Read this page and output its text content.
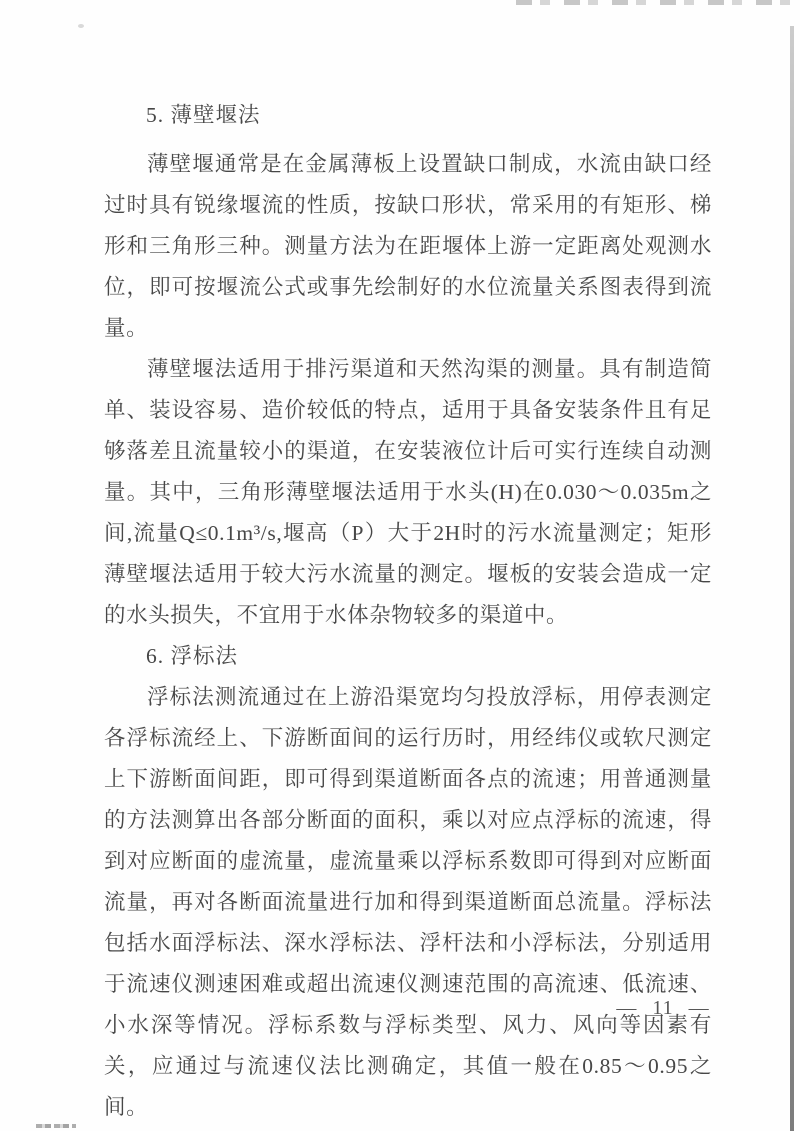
5. 薄壁堰法

薄壁堰通常是在金属薄板上设置缺口制成，水流由缺口经过时具有锐缘堰流的性质，按缺口形状，常采用的有矩形、梯形和三角形三种。测量方法为在距堰体上游一定距离处观测水位，即可按堰流公式或事先绘制好的水位流量关系图表得到流量。

薄壁堰法适用于排污渠道和天然沟渠的测量。具有制造简单、装设容易、造价较低的特点，适用于具备安装条件且有足够落差且流量较小的渠道，在安装液位计后可实行连续自动测量。其中，三角形薄壁堰法适用于水头(H)在0.030～0.035m之间,流量Q≤0.1m³/s,堰高（P）大于2H时的污水流量测定；矩形薄壁堰法适用于较大污水流量的测定。堰板的安装会造成一定的水头损失，不宜用于水体杂物较多的渠道中。

6. 浮标法

浮标法测流通过在上游沿渠宽均匀投放浮标，用停表测定各浮标流经上、下游断面间的运行历时，用经纬仪或软尺测定上下游断面间距，即可得到渠道断面各点的流速；用普通测量的方法测算出各部分断面的面积，乘以对应点浮标的流速，得到对应断面的虚流量，虚流量乘以浮标系数即可得到对应断面流量，再对各断面流量进行加和得到渠道断面总流量。浮标法包括水面浮标法、深水浮标法、浮杆法和小浮标法，分别适用于流速仪测速困难或超出流速仪测速范围的高流速、低流速、小水深等情况。浮标系数与浮标类型、风力、风向等因素有关，应通过与流速仪法比测确定，其值一般在0.85～0.95之间。

— 11 —
